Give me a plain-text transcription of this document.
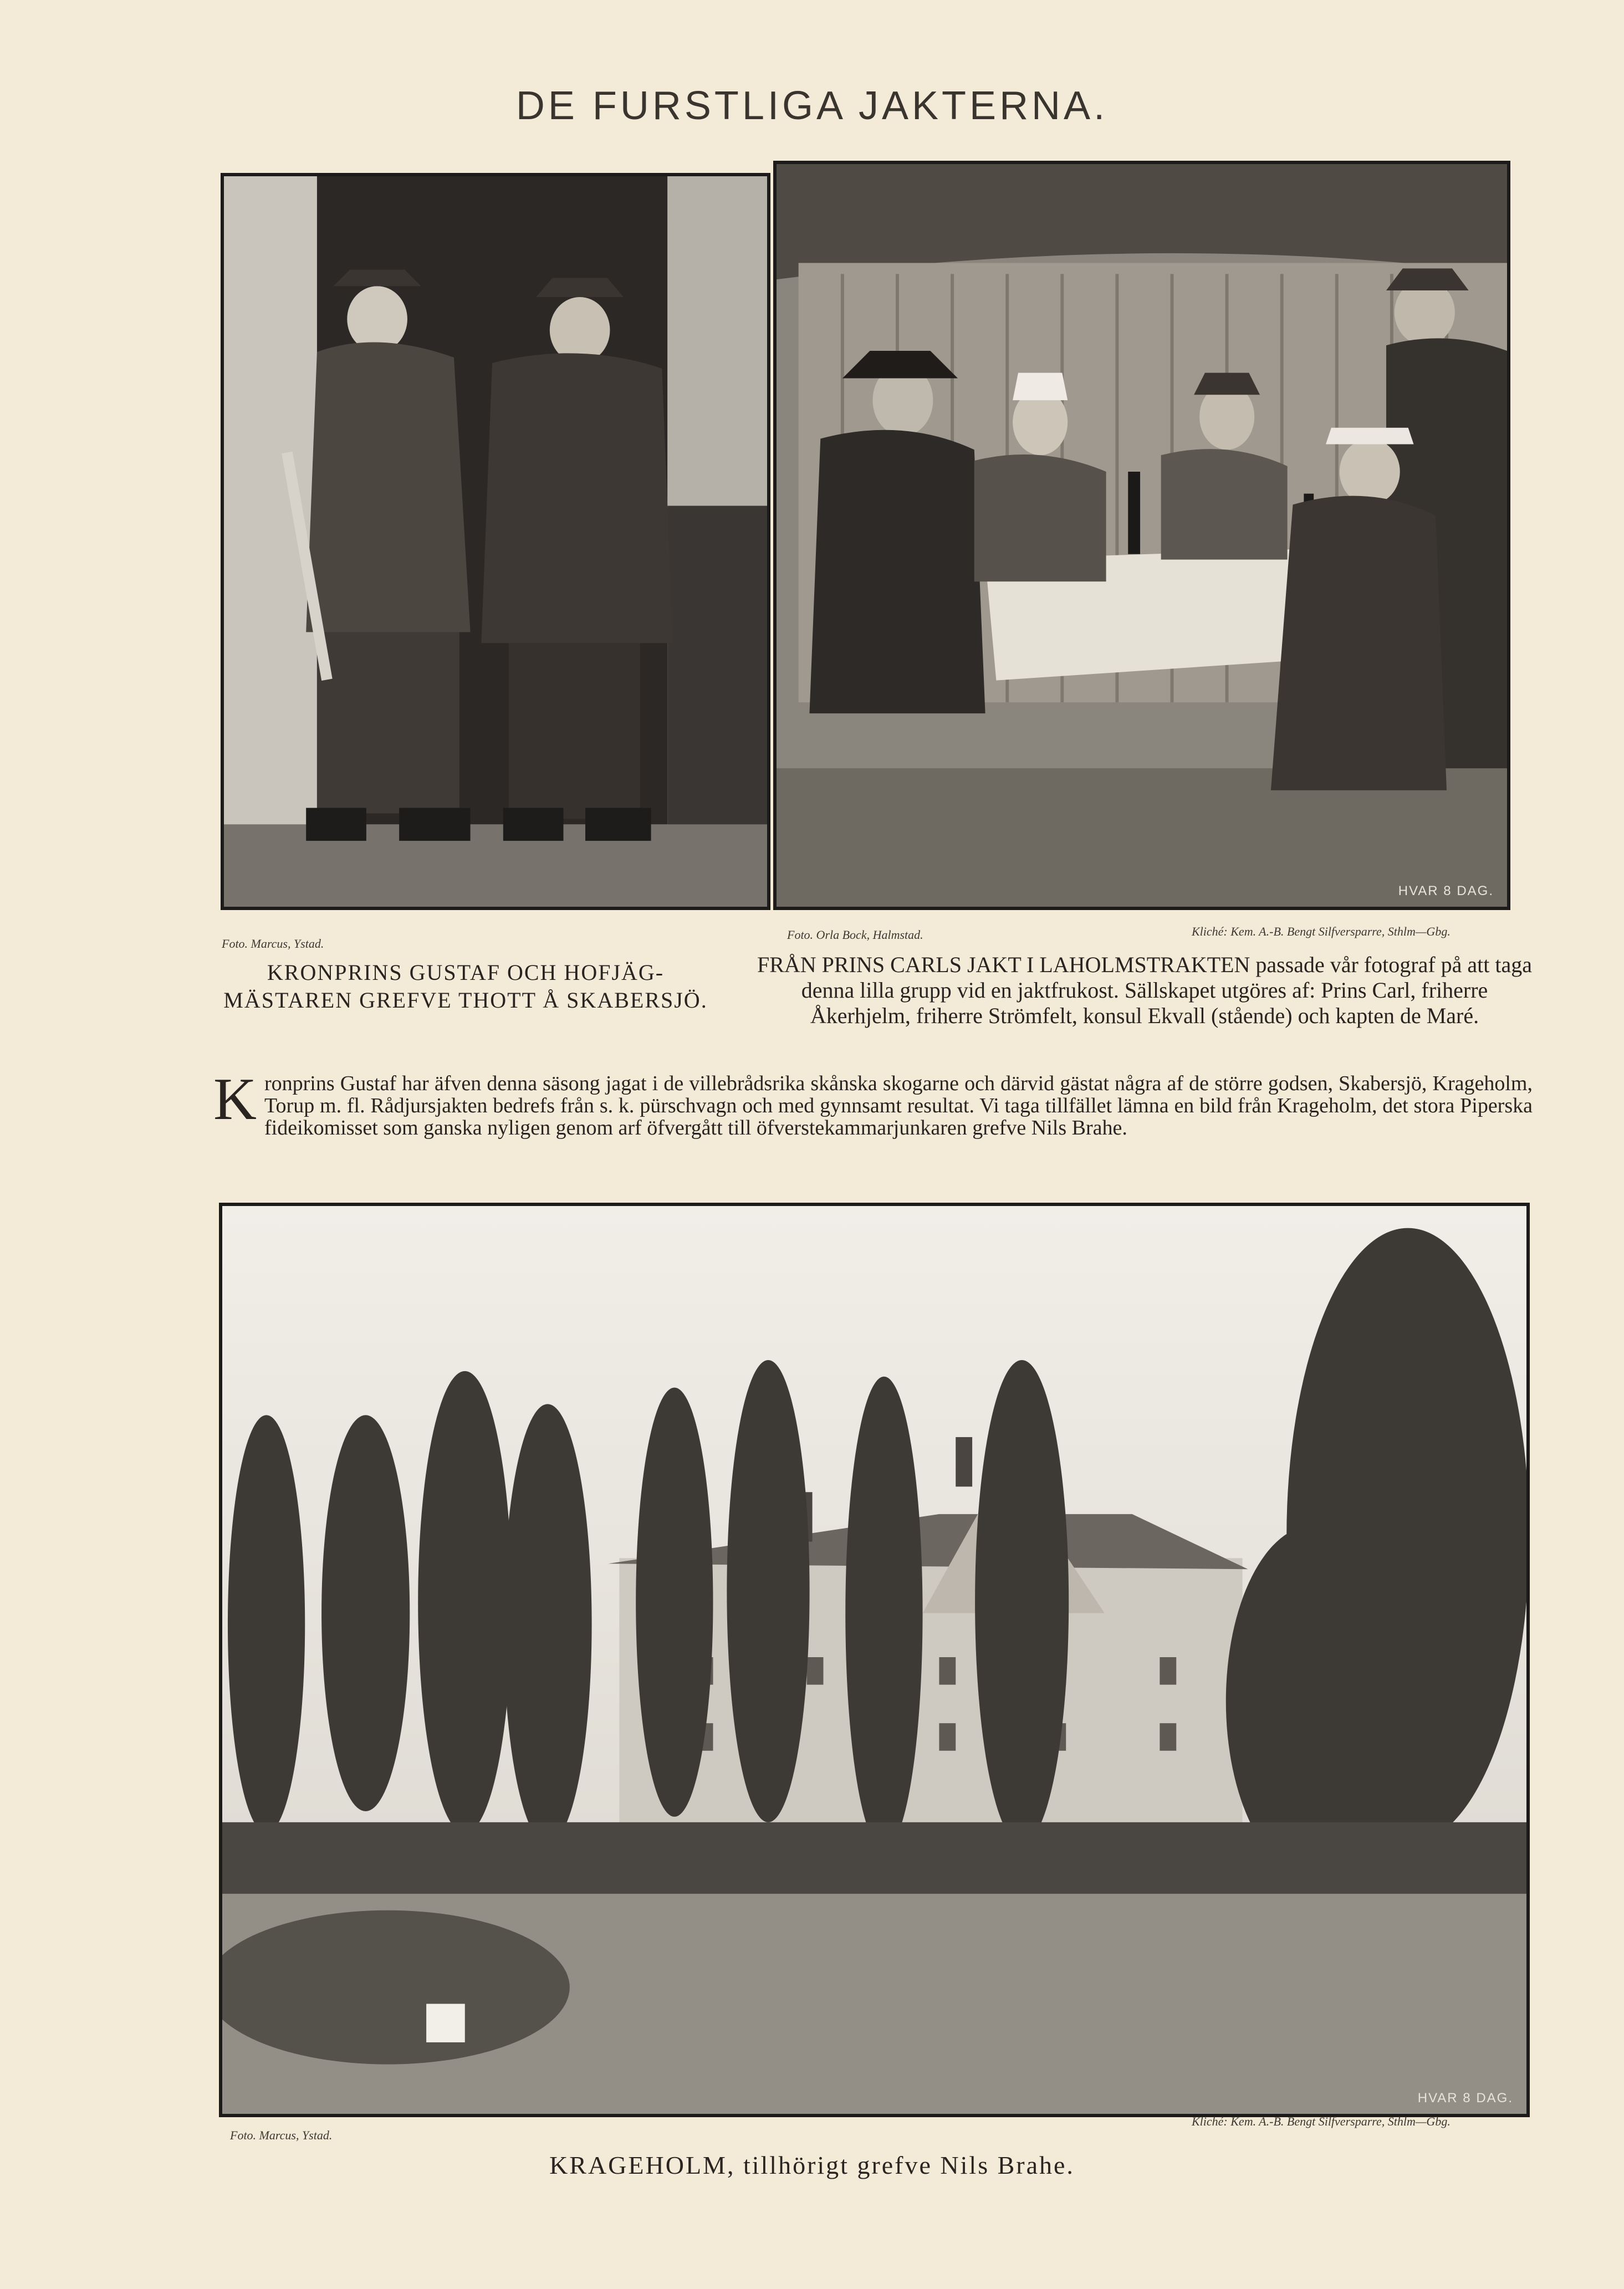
DE FURSTLIGA JAKTERNA.
HVAR 8 DAG.
Foto. Marcus, Ystad.
Foto. Orla Bock, Halmstad.	Kliché: Kem. A.-B. Bengt Silfversparre, Sthlm—Gbg.
KRONPRINS GUSTAF OCH HOFJÄG-MÄSTAREN GREFVE THOTT Å SKABERSJÖ.
FRÅN PRINS CARLS JAKT I LAHOLMSTRAKTEN passade vår fotograf på att taga denna lilla grupp vid en jaktfrukost. Sällskapet utgöres af: Prins Carl, friherre Åkerhjelm, friherre Strömfelt, konsul Ekvall (stående) och kapten de Maré.
K ronprins Gustaf har äfven denna säsong jagat i de villebrådsrika skånska skogarne och därvid gästat några af de större godsen, Skabersjö, Krageholm, Torup m. fl. Rådjursjakten bedrefs från s. k. pürschvagn och med gynnsamt resultat. Vi taga tillfället lämna en bild från Krageholm, det stora Piperska fideikomisset som ganska nyligen genom arf öfvergått till öfverstekammarjunkaren grefve Nils Brahe.
HVAR 8 DAG.
Foto. Marcus, Ystad.
Kliché: Kem. A.-B. Bengt Silfversparre, Sthlm—Gbg.
KRAGEHOLM, tillhörigt grefve Nils Brahe.
